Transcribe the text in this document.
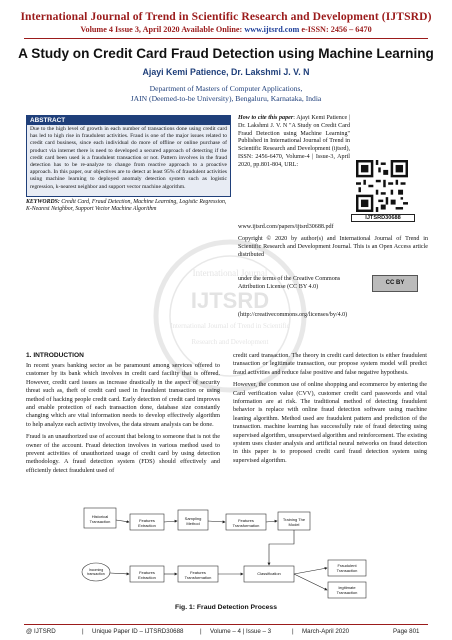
International Journal of Trend in Scientific Research and Development (IJTSRD)
Volume 4 Issue 3, April 2020 Available Online: www.ijtsrd.com e-ISSN: 2456 – 6470
A Study on Credit Card Fraud Detection using Machine Learning
Ajayi Kemi Patience, Dr. Lakshmi J. V. N
Department of Masters of Computer Applications,
JAIN (Deemed-to-be University), Bengaluru, Karnataka, India
ABSTRACT
Due to the high level of growth in each number of transactions done using credit card has led to high rise in fraudulent activities. Fraud is one of the major issues related to credit card business, since each individual do more of offline or online purchase of product via internet there is need to developed a secured approach of detecting if the credit card been used is a fraudulent transaction or not. Pattern involves in the fraud detection has to be re-analyze to change from reactive approach to a proactive approach. In this paper, our objectives are to detect at least 95% of fraudulent activities using machine learning to deployed anomaly detection system such as logistic regression, k-nearest neighbor and support vector machine algorithm.
KEYWORDS: Credit Card, Fraud Detection, Machine Learning, Logistic Regression, K-Nearest Neighbor, Support Vector Machine Algorithm
How to cite this paper: Ajayi Kemi Patience | Dr. Lakshmi J. V. N "A Study on Credit Card Fraud Detection using Machine Learning" Published in International Journal of Trend in Scientific Research and Development (ijtsrd), ISSN: 2456-6470, Volume-4 | Issue-3, April 2020, pp.801-804, URL:
IJTSRD30688
www.ijtsrd.com/papers/ijtsrd30688.pdf
Copyright © 2020 by author(s) and International Journal of Trend in Scientific Research and Development Journal. This is an Open Access article distributed
under the terms of the Creative Commons Attribution License (CC BY 4.0)
CC BY
(http://creativecommons.org/licenses/by/4.0)
International Journal
IJTSRD
International Journal of Trend in Scientific
Research and Development
1. INTRODUCTION

In recent years banking sector as be paramount among services offered to customer by its bank which involves in credit card facility that is offered. However, credit card issues as increase drastically in the aspect of security threat such as, theft of credit card used in fraudulent transaction or using method of hacking people credit card. Early detection of credit card improves and enable protection of each transaction done, database size constantly changing which are vital information needs to develop effectively algorithm to help analyze each activity involves, the data stream analysis can be done.

Fraud is an unauthorized use of account that belong to someone that is not the owner of the account. Fraud detection involves in various method used to prevent activities of unauthorized usage of credit card by using detection methodology. A fraud detection system (FDS) should effectively and efficiently detect fraudulent used of

credit card transaction. The theory in credit card detection is either fraudulent transaction or legitimate transaction, our propose system model will predict fraud activities and reduce false positive and false negative hypothesis.

However, the common use of online shopping and ecommerce by entering the Card verification value (CVV), customer credit card passwords and vital information are at risk. The traditional method of detecting fraudulent behavior is replace with online fraud detection software using machine leaning algorithm. Method used are fraudulent pattern and prediction of the transaction. machine learning has successfully rate of fraud detecting using supervised algorithm, unsupervised algorithm and reinforcement. The existing system uses cluster analysis and artificial neural networks on fraud detection in this paper is to proposed credit card fraud detection system using supervised algorithm.

Historical Transaction	Features Extraction
Sampling Method
Features Transformation
Training The Model
Incoming transaction	Features Extraction
Features Transformation
Classification
Fraudulent Transaction
legitimate Transaction
Fig. 1: Fraud Detection Process
@ IJTSRD	| Unique Paper ID – IJTSRD30688	| Volume – 4 | Issue – 3	| March-April 2020	Page 801
